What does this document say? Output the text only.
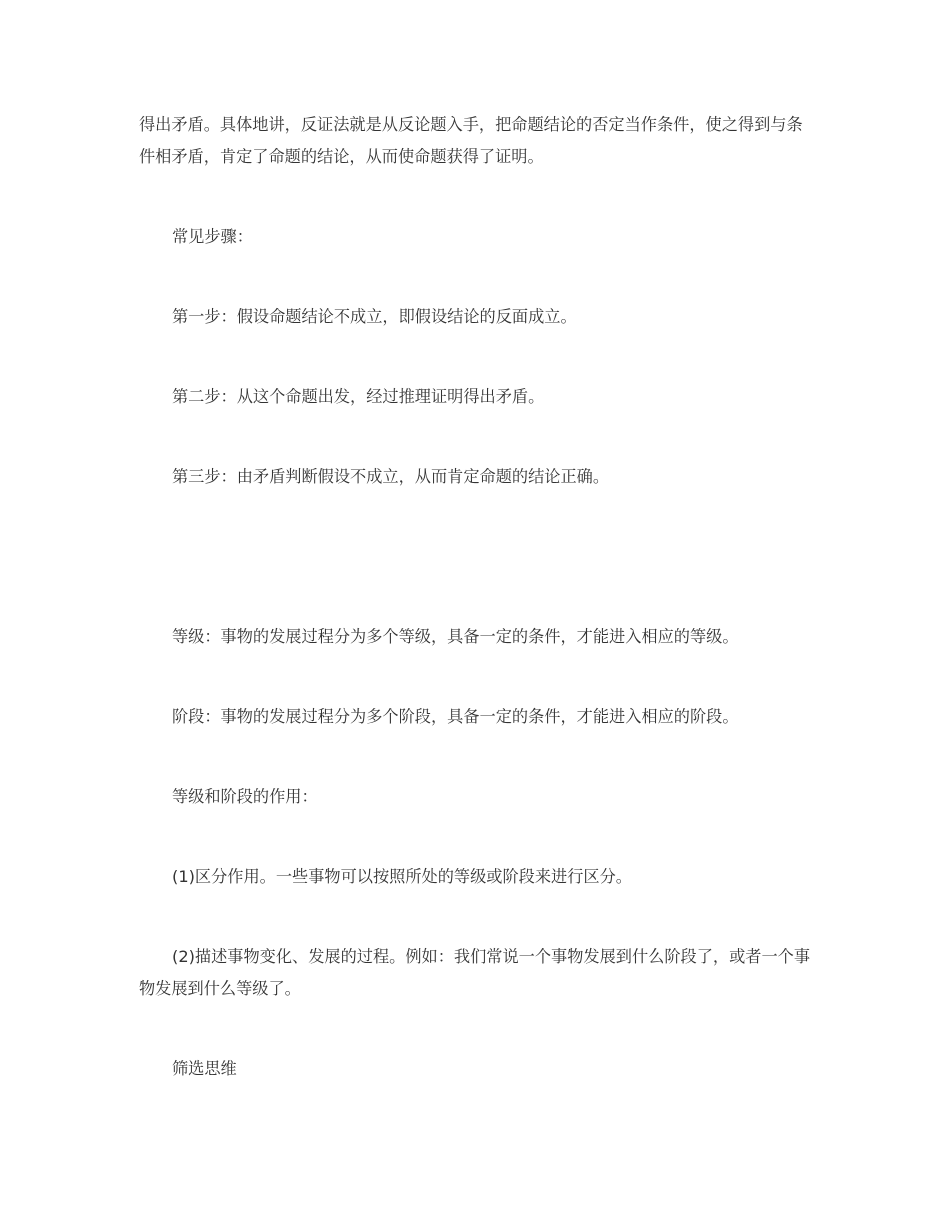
得出矛盾。具体地讲，反证法就是从反论题入手，把命题结论的否定当作条件，使之得到与条件相矛盾，肯定了命题的结论，从而使命题获得了证明。

常见步骤：

第一步：假设命题结论不成立，即假设结论的反面成立。

第二步：从这个命题出发，经过推理证明得出矛盾。

第三步：由矛盾判断假设不成立，从而肯定命题的结论正确。

等级：事物的发展过程分为多个等级，具备一定的条件，才能进入相应的等级。

阶段：事物的发展过程分为多个阶段，具备一定的条件，才能进入相应的阶段。

等级和阶段的作用：

(1)区分作用。一些事物可以按照所处的等级或阶段来进行区分。

(2)描述事物变化、发展的过程。例如：我们常说一个事物发展到什么阶段了，或者一个事物发展到什么等级了。

筛选思维
